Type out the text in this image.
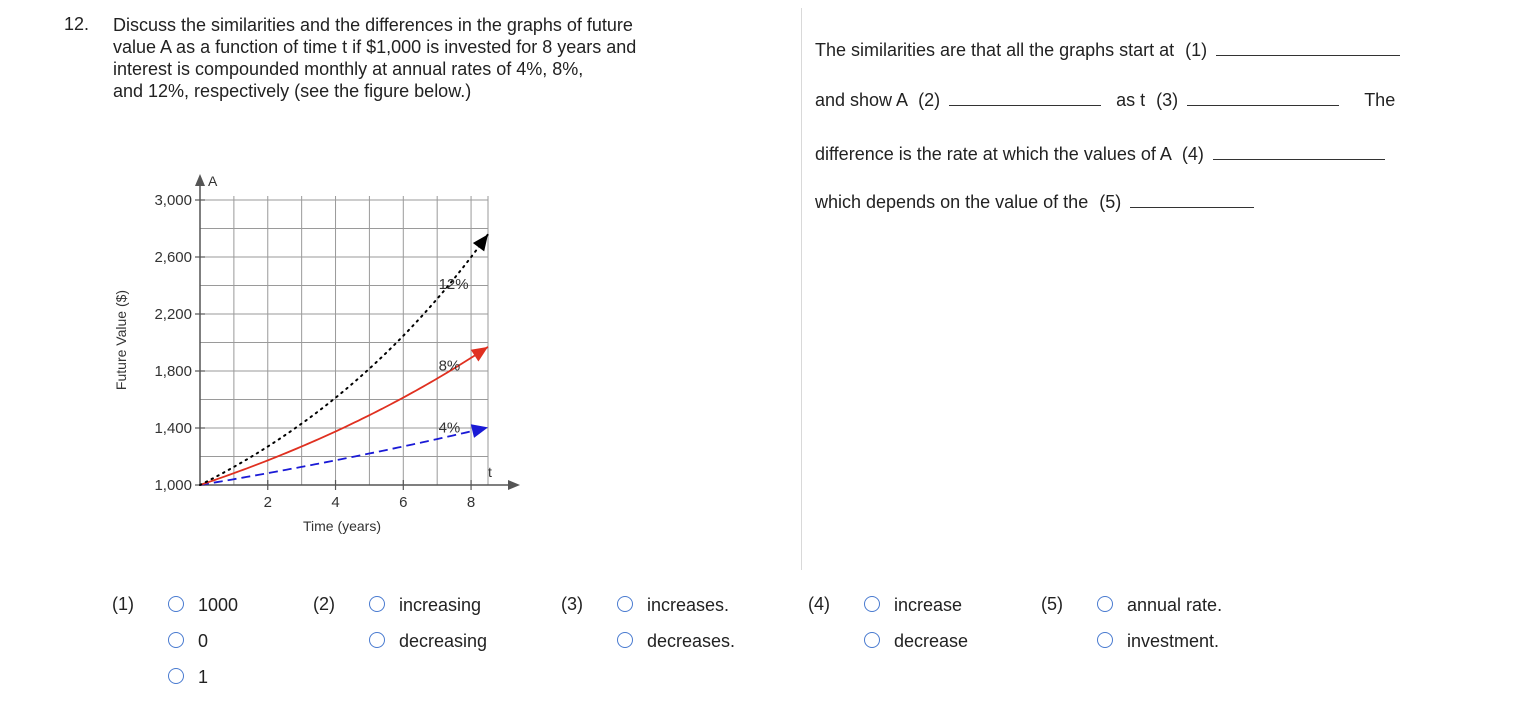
12. Discuss the similarities and the differences in the graphs of future
value A as a function of time t if $1,000 is invested for 8 years and
interest is compounded monthly at annual rates of 4%, 8%,
and 12%, respectively (see the figure below.)
The similarities are that all the graphs start at (1)
and show A (2)	as t (3)	The
difference is the rate at which the values of A (4)
which depends on the value of the (5)
1,000
1,400
1,800
2,200
2,600
3,000
2	4	6	8
4%
8%
12%
Future Value ($)
Time (years)
A
t
(1)	1000
0
1
(2)	increasing
decreasing
(3)	increases.
decreases.
(4)	increase
decrease
(5)	annual rate.
investment.
